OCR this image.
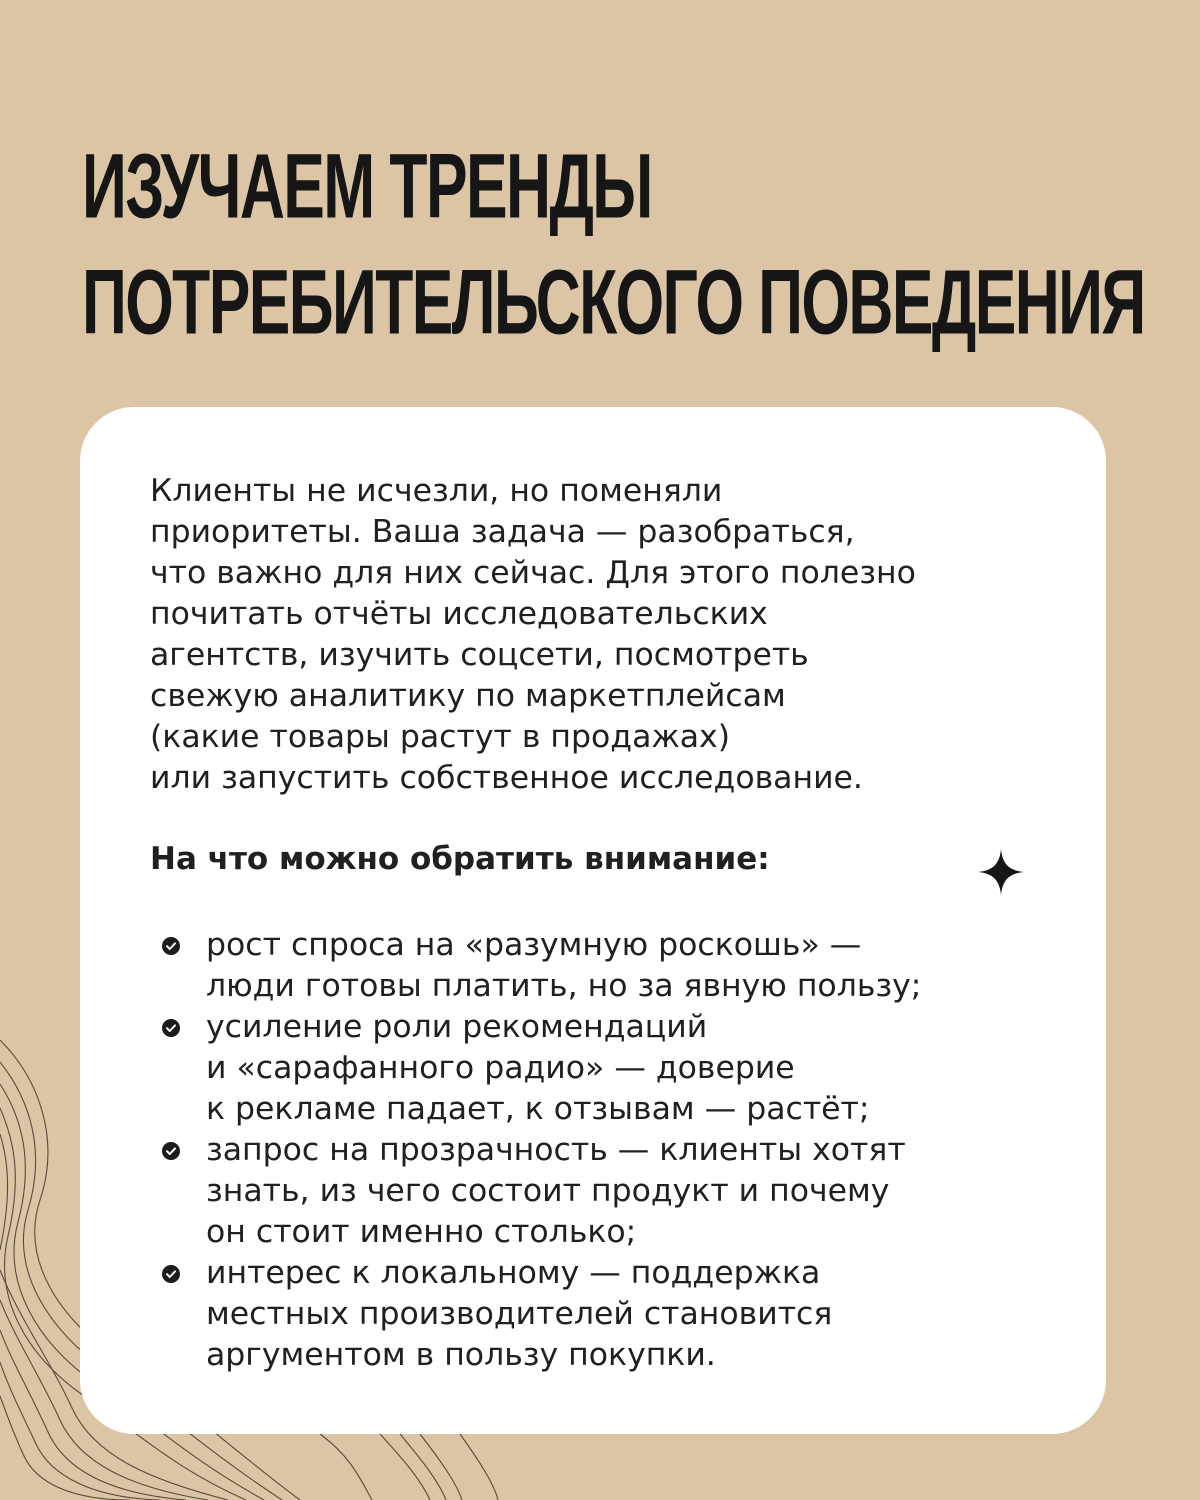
ИЗУЧАЕМ ТРЕНДЫ
ПОТРЕБИТЕЛЬСКОГО ПОВЕДЕНИЯ

Клиенты не исчезли, но поменяли
приоритеты. Ваша задача — разобраться,
что важно для них сейчас. Для этого полезно
почитать отчёты исследовательских
агентств, изучить соцсети, посмотреть
свежую аналитику по маркетплейсам
(какие товары растут в продажах)
или запустить собственное исследование.

На что можно обратить внимание:
рост спроса на «разумную роскошь» —
люди готовы платить, но за явную пользу;
усиление роли рекомендаций
и «сарафанного радио» — доверие
к рекламе падает, к отзывам — растёт;
запрос на прозрачность — клиенты хотят
знать, из чего состоит продукт и почему
он стоит именно столько;
интерес к локальному — поддержка
местных производителей становится
аргументом в пользу покупки.
